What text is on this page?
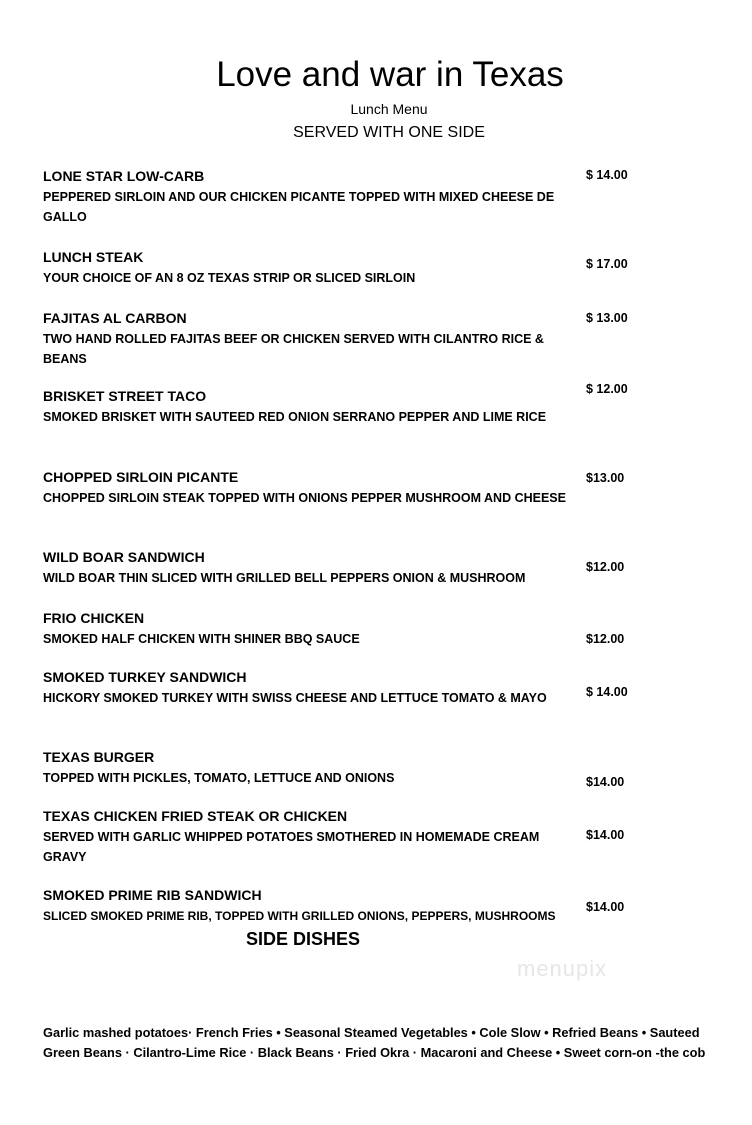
Love and war in Texas
Lunch Menu
SERVED WITH ONE SIDE
LONE STAR LOW-CARB
PEPPERED SIRLOIN AND OUR CHICKEN PICANTE TOPPED WITH MIXED CHEESE DE GALLO
$ 14.00
LUNCH STEAK
YOUR CHOICE OF AN 8 OZ TEXAS STRIP OR SLICED SIRLOIN
$ 17.00
FAJITAS AL CARBON
TWO HAND ROLLED FAJITAS BEEF OR CHICKEN SERVED WITH CILANTRO RICE & BEANS
$ 13.00
BRISKET STREET TACO
SMOKED BRISKET WITH SAUTEED RED ONION SERRANO PEPPER AND LIME RICE
$ 12.00
CHOPPED SIRLOIN PICANTE
CHOPPED SIRLOIN STEAK TOPPED WITH ONIONS PEPPER MUSHROOM AND CHEESE
$13.00
WILD BOAR SANDWICH
WILD BOAR THIN SLICED WITH GRILLED BELL PEPPERS ONION & MUSHROOM
$12.00
FRIO CHICKEN
SMOKED HALF CHICKEN WITH SHINER BBQ SAUCE	$12.00
SMOKED TURKEY SANDWICH
HICKORY SMOKED TURKEY WITH SWISS CHEESE AND LETTUCE TOMATO & MAYO	$ 14.00
TEXAS BURGER
TOPPED WITH PICKLES, TOMATO, LETTUCE AND ONIONS	$14.00
TEXAS CHICKEN FRIED STEAK OR CHICKEN
SERVED WITH GARLIC WHIPPED POTATOES SMOTHERED IN HOMEMADE CREAM GRAVY
$14.00
SMOKED PRIME RIB SANDWICH
SLICED SMOKED PRIME RIB, TOPPED WITH GRILLED ONIONS, PEPPERS, MUSHROOMS
$14.00
SIDE DISHES
menupix
Garlic mashed potatoes· French Fries • Seasonal Steamed Vegetables • Cole Slow • Refried Beans • Sauteed Green Beans · Cilantro-Lime Rice · Black Beans · Fried Okra · Macaroni and Cheese • Sweet corn-on -the cob
